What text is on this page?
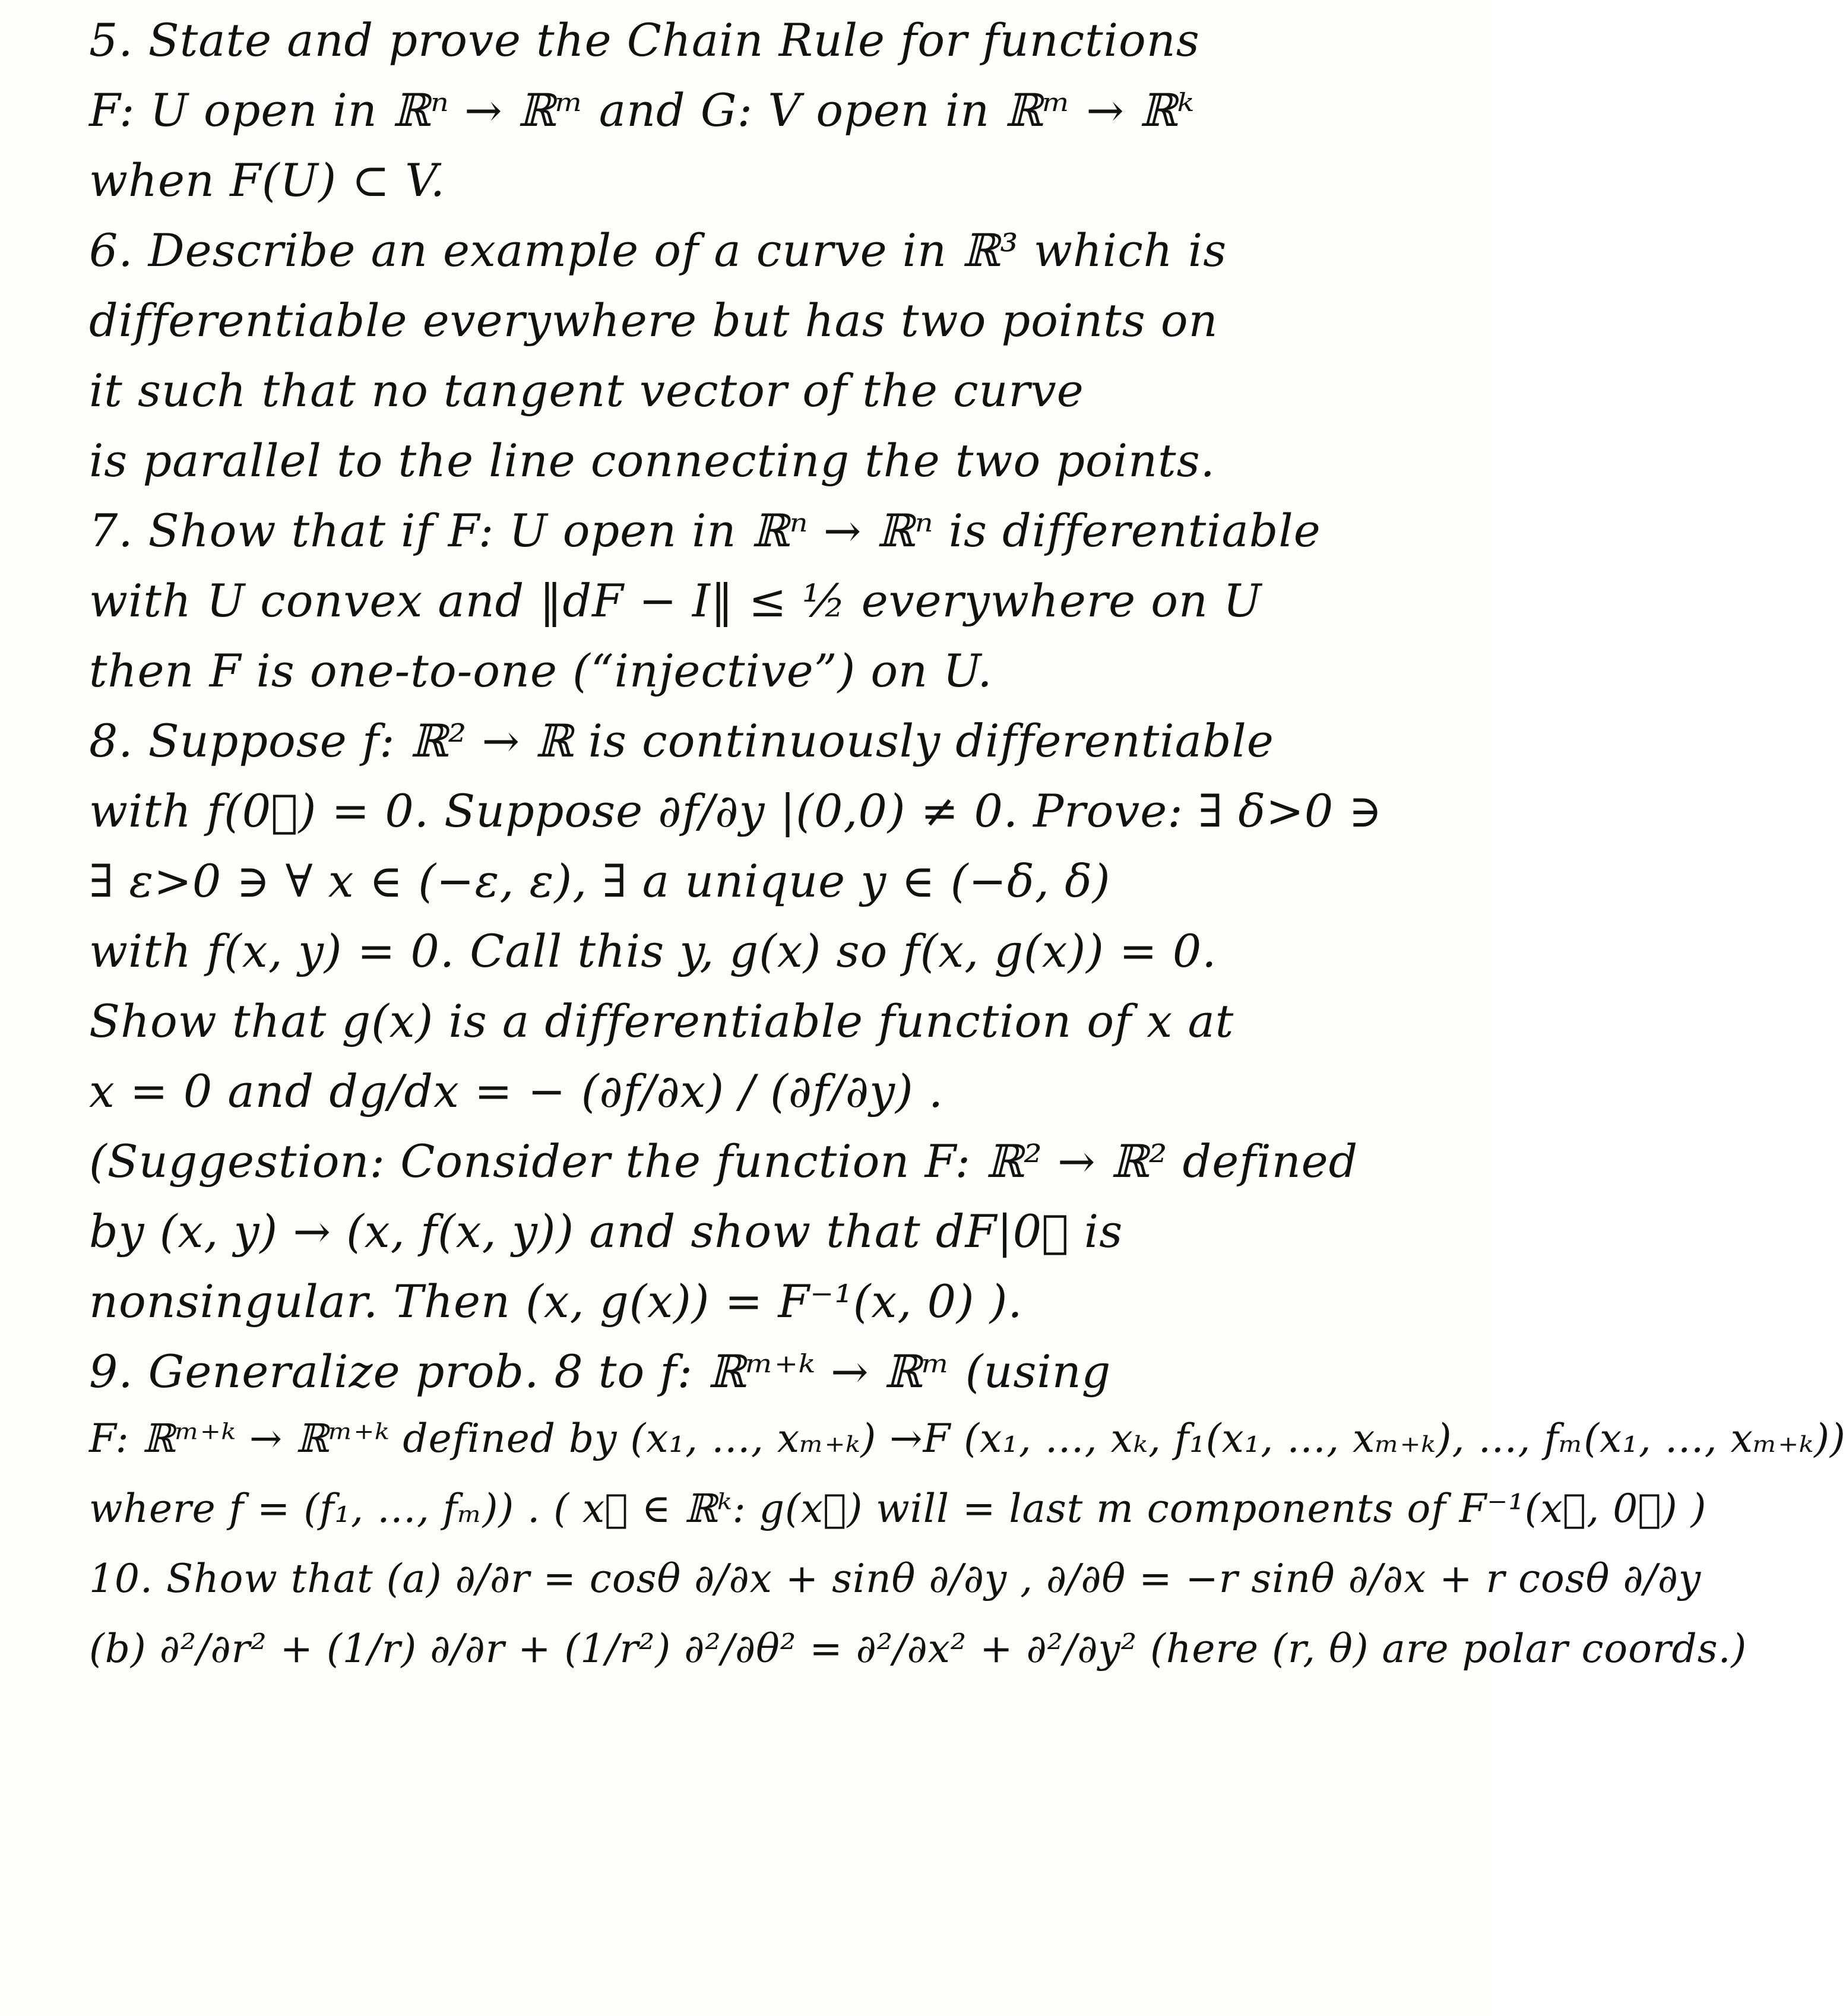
5. State and prove the Chain Rule for functions
F: U open in ℝⁿ → ℝᵐ and G: V open in ℝᵐ → ℝᵏ
when F(U) ⊂ V.
6. Describe an example of a curve in ℝ³ which is
differentiable everywhere but has two points on
it such that no tangent vector of the curve
is parallel to the line connecting the two points.
7. Show that if F: U open in ℝⁿ → ℝⁿ is differentiable
with U convex and ‖dF − I‖ ≤ ½ everywhere on U
then F is one-to-one (“injective”) on U.
8. Suppose f: ℝ² → ℝ is continuously differentiable
with f(0⃗) = 0. Suppose ∂f/∂y |(0,0) ≠ 0. Prove: ∃ δ>0 ∋
∃ ε>0 ∋ ∀ x ∈ (−ε, ε), ∃ a unique y ∈ (−δ, δ)
with f(x, y) = 0. Call this y, g(x) so f(x, g(x)) = 0.
Show that g(x) is a differentiable function of x at
x = 0 and dg/dx = − (∂f/∂x) / (∂f/∂y) .
(Suggestion: Consider the function F: ℝ² → ℝ² defined
by (x, y) → (x, f(x, y)) and show that dF|0⃗ is
nonsingular. Then (x, g(x)) = F⁻¹(x, 0) ).
9. Generalize prob. 8 to f: ℝᵐ⁺ᵏ → ℝᵐ (using
F: ℝᵐ⁺ᵏ → ℝᵐ⁺ᵏ defined by (x₁, …, xₘ₊ₖ) →F (x₁, …, xₖ, f₁(x₁, …, xₘ₊ₖ), …, fₘ(x₁, …, xₘ₊ₖ))
where f = (f₁, …, fₘ)) . ( x⃗ ∈ ℝᵏ: g(x⃗) will = last m components of F⁻¹(x⃗, 0⃗) )
10. Show that (a) ∂/∂r = cosθ ∂/∂x + sinθ ∂/∂y , ∂/∂θ = −r sinθ ∂/∂x + r cosθ ∂/∂y
(b) ∂²/∂r² + (1/r) ∂/∂r + (1/r²) ∂²/∂θ² = ∂²/∂x² + ∂²/∂y² (here (r, θ) are polar coords.)
